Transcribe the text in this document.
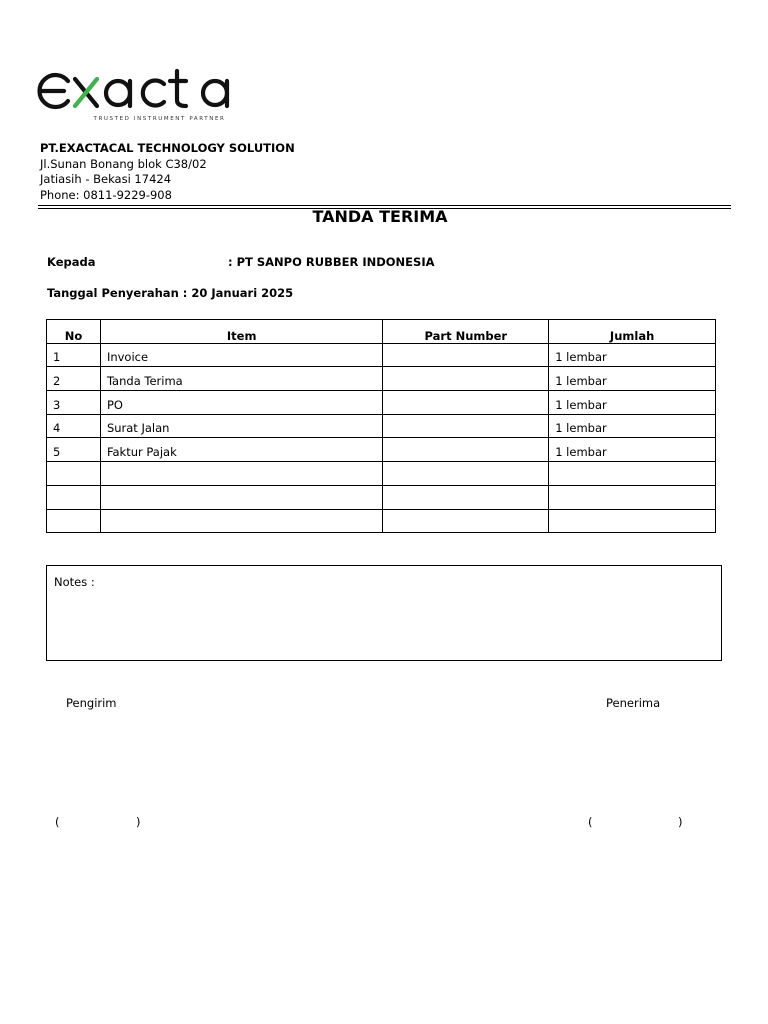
TRUSTED INSTRUMENT PARTNER
PT.EXACTACAL TECHNOLOGY SOLUTION
Jl.Sunan Bonang blok C38/02
Jatiasih - Bekasi 17424
Phone: 0811-9229-908
TANDA TERIMA
Kepada	: PT SANPO RUBBER INDONESIA
Tanggal Penyerahan : 20 Januari 2025
No	Item	Part Number	Jumlah
1	Invoice		1 lembar
2	Tanda Terima		1 lembar
3	PO		1 lembar
4	Surat Jalan		1 lembar
5	Faktur Pajak		1 lembar

Notes :
Pengirim	Penerima
(	)	(	)
